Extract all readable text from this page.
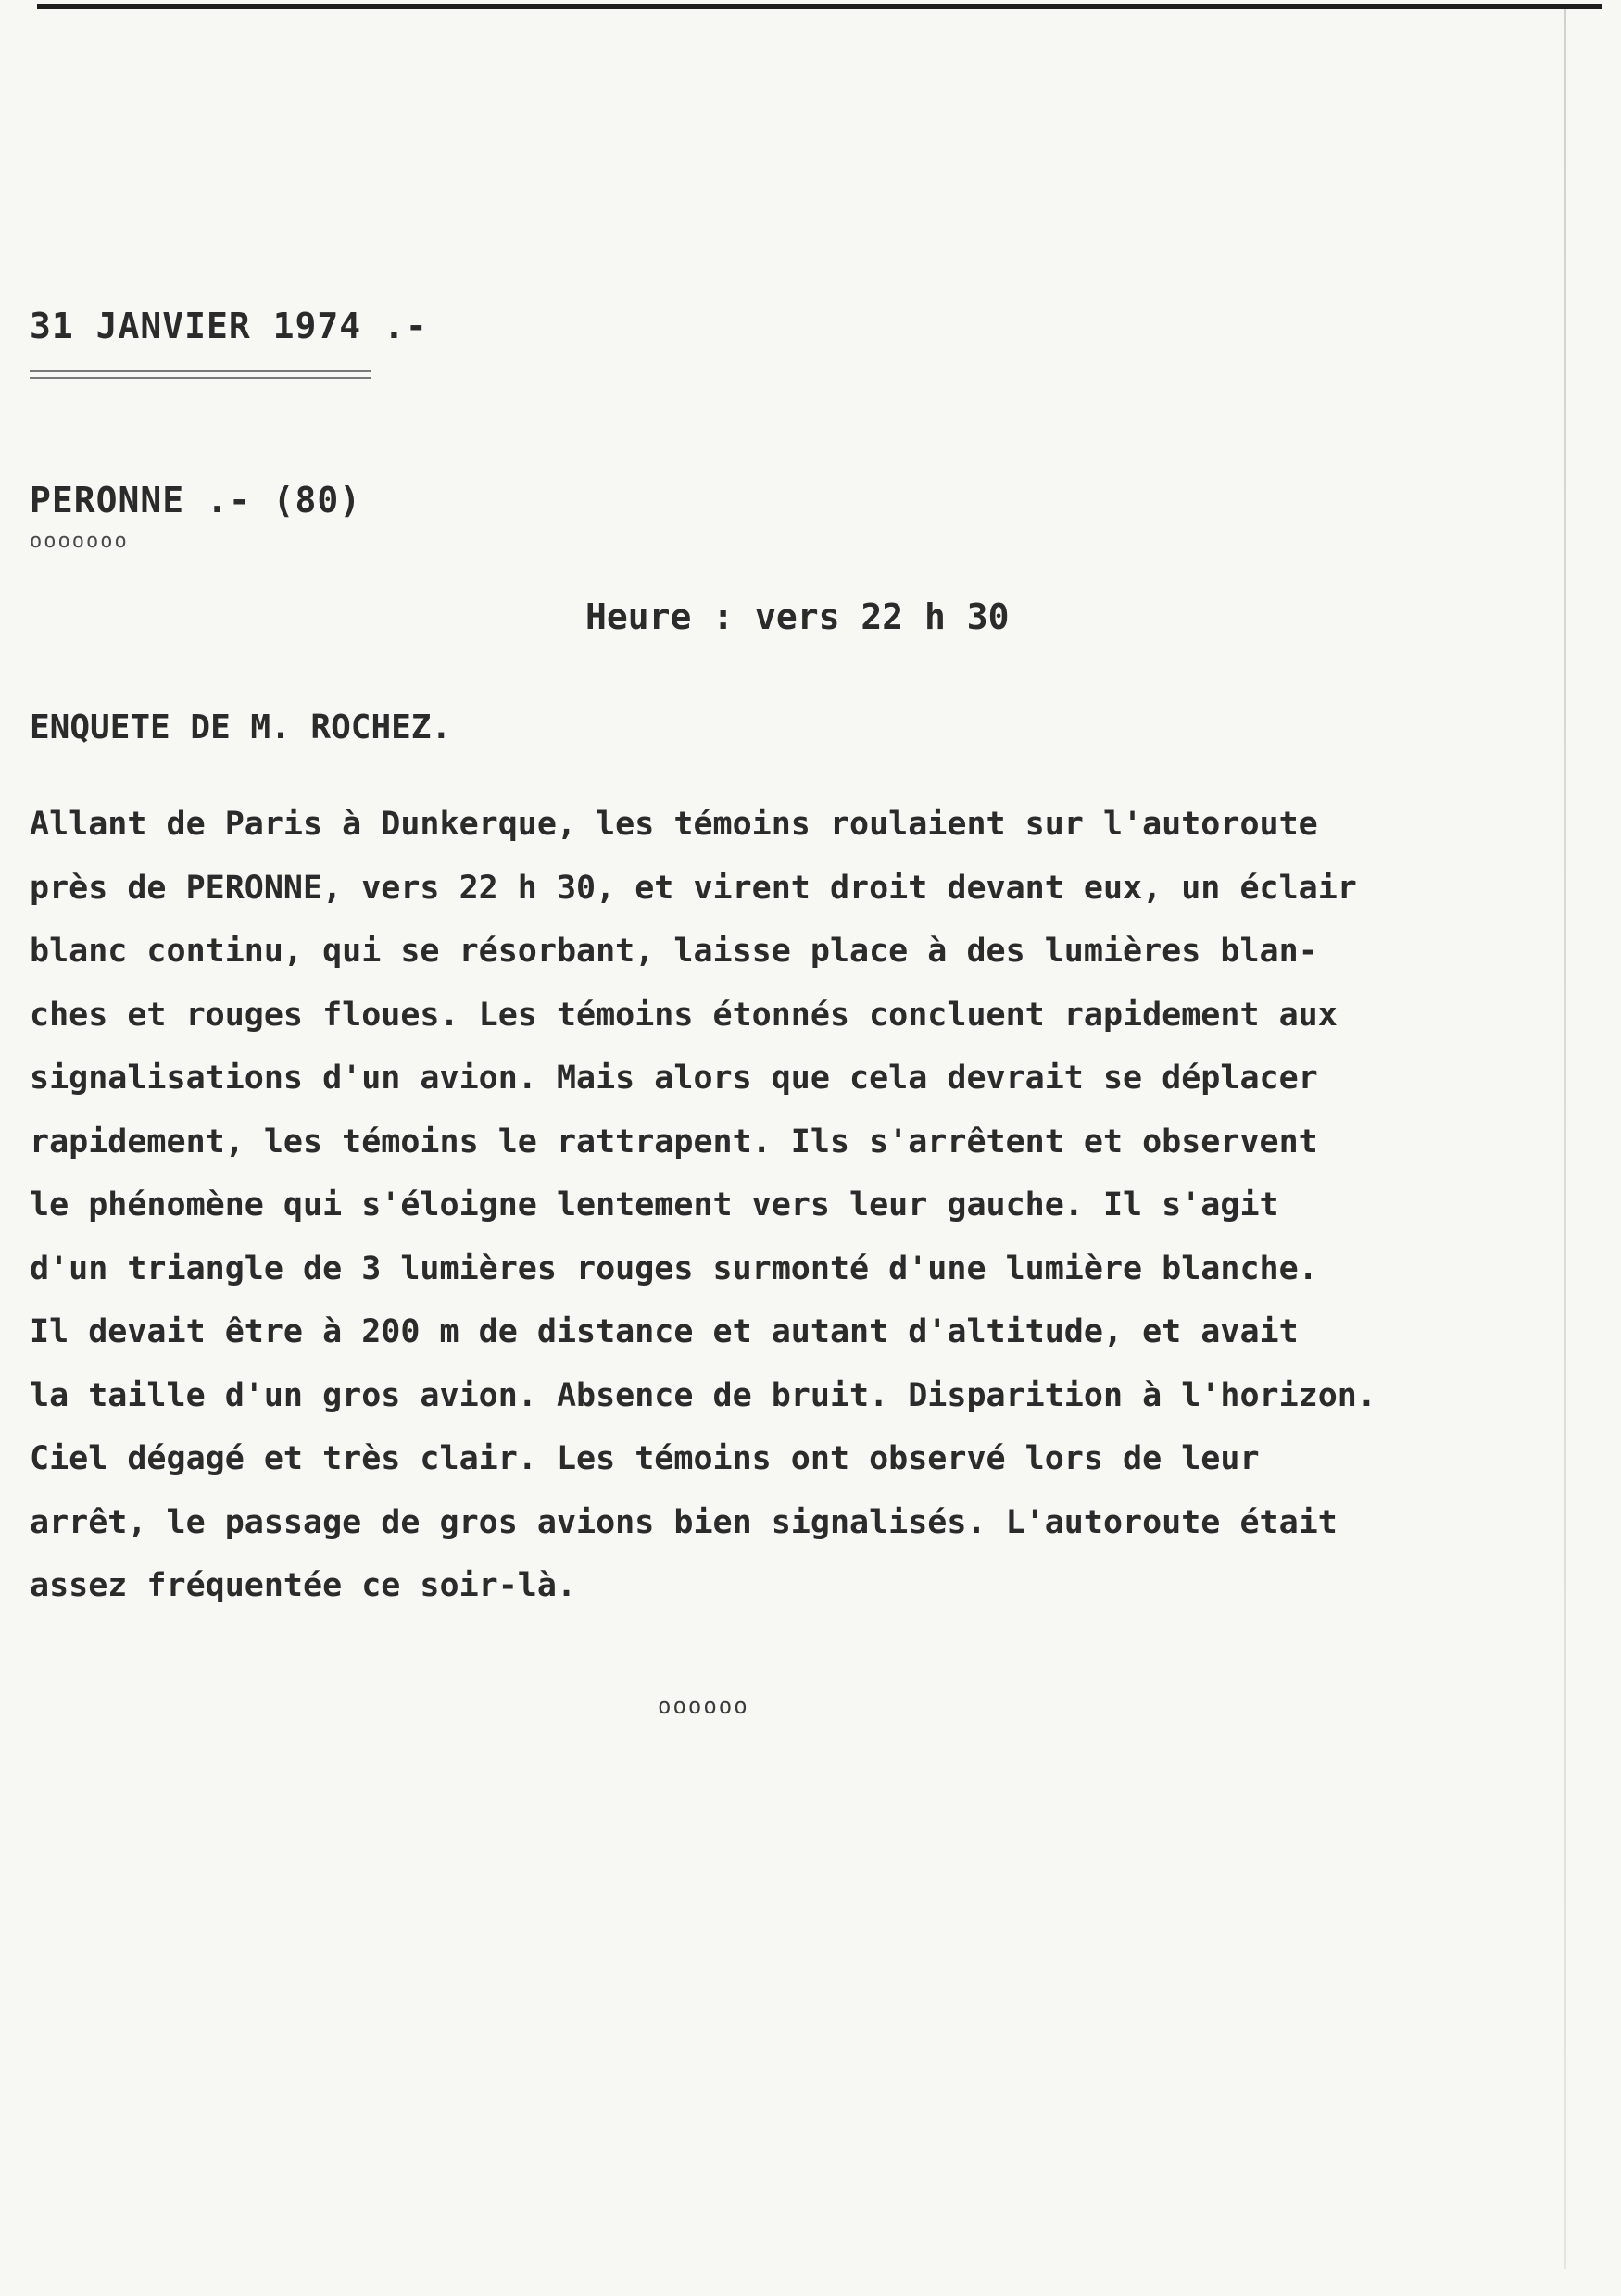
31 JANVIER 1974 .-
PERONNE .- (80)
ooooooo
Heure : vers 22 h 30
ENQUETE DE M. ROCHEZ.
Allant de Paris à Dunkerque, les témoins roulaient sur l'autoroute
près de PERONNE, vers 22 h 30, et virent droit devant eux, un éclair
blanc continu, qui se résorbant, laisse place à des lumières blan-
ches et rouges floues. Les témoins étonnés concluent rapidement aux
signalisations d'un avion. Mais alors que cela devrait se déplacer
rapidement, les témoins le rattrapent. Ils s'arrêtent et observent
le phénomène qui s'éloigne lentement vers leur gauche. Il s'agit
d'un triangle de 3 lumières rouges surmonté d'une lumière blanche.
Il devait être à 200 m de distance et autant d'altitude, et avait
la taille d'un gros avion. Absence de bruit. Disparition à l'horizon.
Ciel dégagé et très clair. Les témoins ont observé lors de leur
arrêt, le passage de gros avions bien signalisés. L'autoroute était
assez fréquentée ce soir-là.
oooooo
